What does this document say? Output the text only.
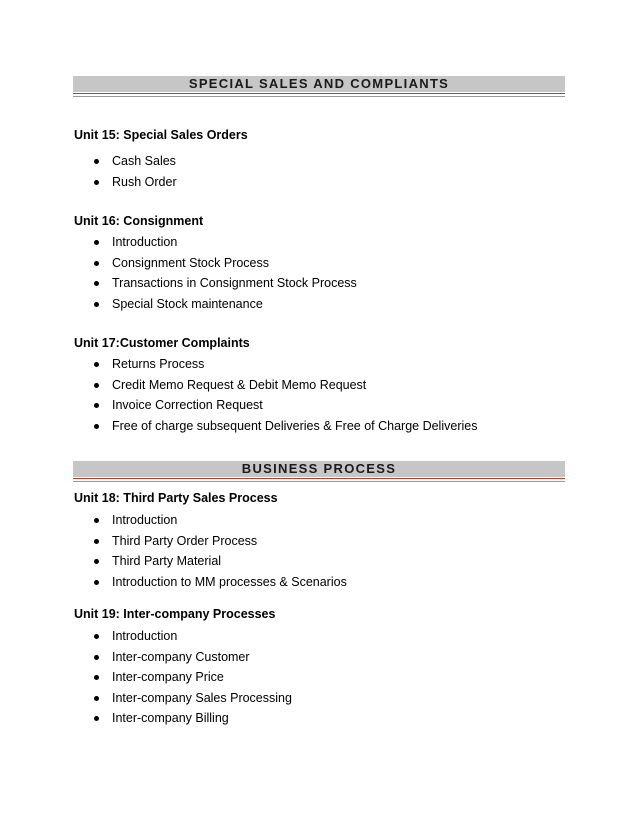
SPECIAL SALES AND COMPLIANTS

Unit 15: Special Sales Orders

Cash Sales
Rush Order

Unit 16: Consignment

Introduction
Consignment Stock Process
Transactions in Consignment Stock Process
Special Stock maintenance

Unit 17:Customer Complaints

Returns Process
Credit Memo Request & Debit Memo Request
Invoice Correction Request
Free of charge subsequent Deliveries & Free of Charge Deliveries
BUSINESS PROCESS

Unit 18: Third Party Sales Process

Introduction
Third Party Order Process
Third Party Material
Introduction to MM processes & Scenarios

Unit 19: Inter-company Processes

Introduction
Inter-company Customer
Inter-company Price
Inter-company Sales Processing
Inter-company Billing
